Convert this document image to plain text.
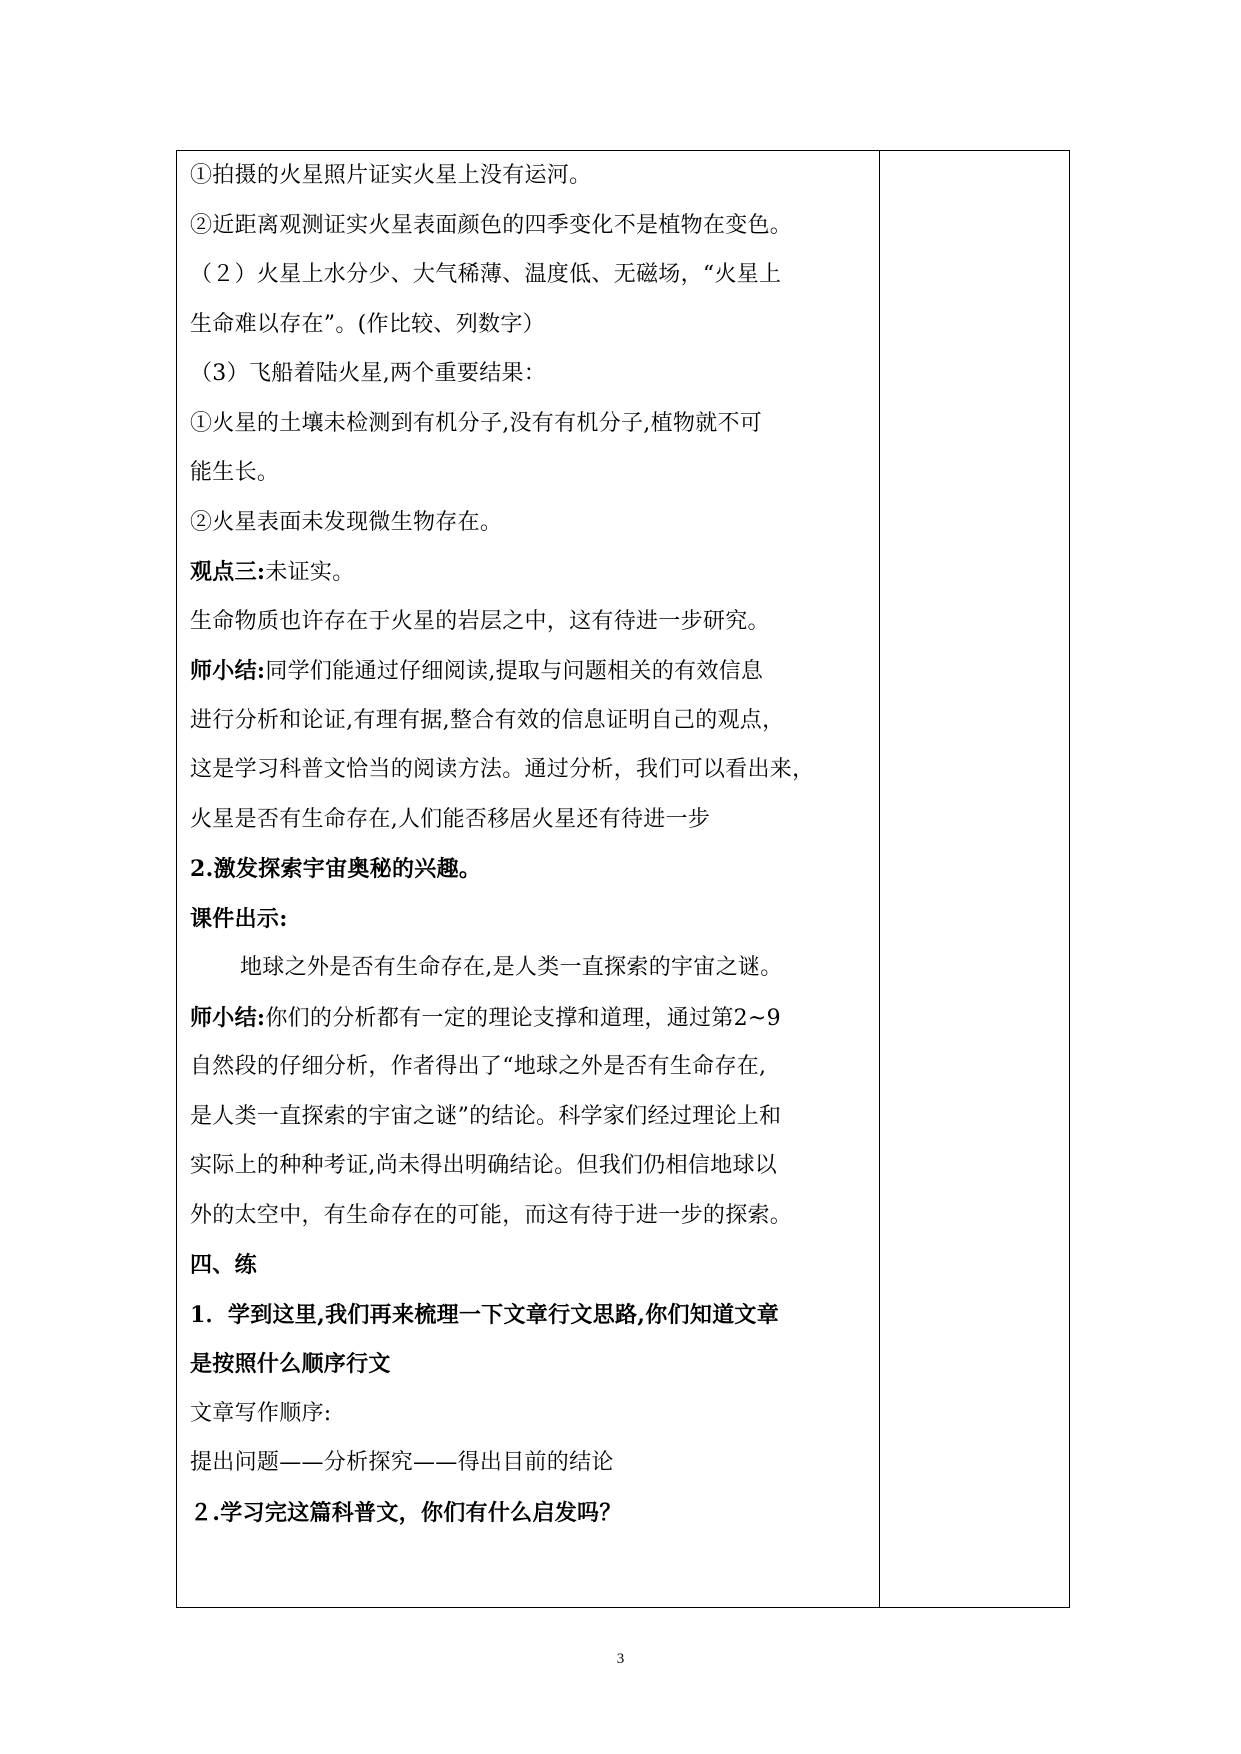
①拍摄的火星照片证实火星上没有运河。
②近距离观测证实火星表面颜色的四季变化不是植物在变色。
（２）火星上水分少、大气稀薄、温度低、无磁场，“火星上
生命难以存在”。(作比较、列数字）
（3）飞船着陆火星,两个重要结果：
①火星的土壤未检测到有机分子,没有有机分子,植物就不可
能生长。
②火星表面未发现微生物存在。
观点三:未证实。
生命物质也许存在于火星的岩层之中，这有待进一步研究。
师小结:同学们能通过仔细阅读,提取与问题相关的有效信息
进行分析和论证,有理有据,整合有效的信息证明自己的观点，
这是学习科普文恰当的阅读方法。通过分析，我们可以看出来，
火星是否有生命存在,人们能否移居火星还有待进一步
2.激发探索宇宙奥秘的兴趣。
课件出示:
地球之外是否有生命存在,是人类一直探索的宇宙之谜。
师小结:你们的分析都有一定的理论支撑和道理，通过第2~9
自然段的仔细分析，作者得出了“地球之外是否有生命存在,
是人类一直探索的宇宙之谜”的结论。科学家们经过理论上和
实际上的种种考证,尚未得出明确结论。但我们仍相信地球以
外的太空中，有生命存在的可能，而这有待于进一步的探索。
四、练
1．学到这里,我们再来梳理一下文章行文思路,你们知道文章
是按照什么顺序行文
文章写作顺序:
提出问题——分析探究——得出目前的结论
２.学习完这篇科普文，你们有什么启发吗？
3
